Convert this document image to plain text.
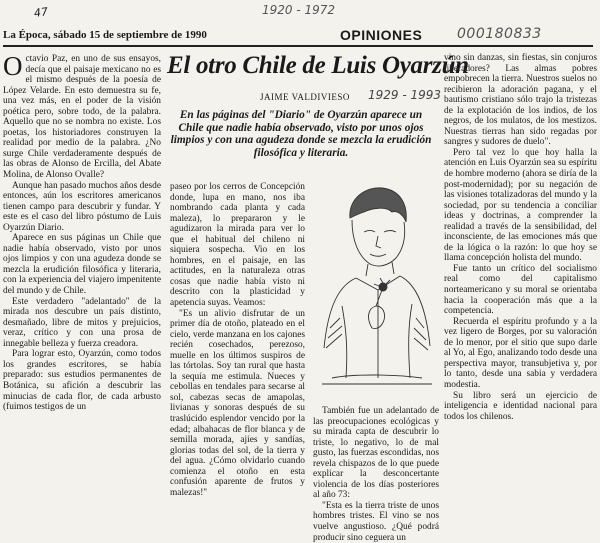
47	1920 - 1972
000180833
La Época, sábado 15 de septiembre de 1990	OPINIONES
El otro Chile de Luis Oyarzún
JAIME VALDIVIESO 1929 - 1993
En las páginas del "Diario" de Oyarzún aparece un Chile que nadie había observado, visto por unos ojos limpios y con una agudeza donde se mezcla la erudición filosófica y literaria.

Octavio Paz, en uno de sus ensayos, decía que el paisaje mexicano no es el mismo después de la poesía de López Velarde. En esto demuestra su fe, una vez más, en el poder de la visión poética pero, sobre todo, de la palabra. Aquello que no se nombra no existe. Los poetas, los historiadores construyen la realidad por medio de la palabra. ¿No surge Chile verdaderamente después de las obras de Alonso de Ercilla, del Abate Molina, de Alonso Ovalle?

Aunque han pasado muchos años desde entonces, aún los escritores americanos tienen campo para descubrir y fundar. Y este es el caso del libro póstumo de Luis Oyarzún Diario.

Aparece en sus páginas un Chile que nadie había observado, visto por unos ojos limpios y con una agudeza donde se mezcla la erudición filosófica y literaria, con la experiencia del viajero impenitente del mundo y de Chile.

Este verdadero "adelantado" de la mirada nos descubre un país distinto, desmañado, libre de mitos y prejuicios, veraz, crítico y con una prosa de innegable belleza y fuerza creadora.

Para lograr esto, Oyarzún, como todos los grandes escritores, se había preparado: sus estudios permanentes de Botánica, su afición a descubrir las minucias de cada flor, de cada arbusto (fuimos testigos de un

paseo por los cerros de Concepción donde, lupa en mano, nos iba nombrando cada planta y cada maleza), lo prepararon y le agudizaron la mirada para ver lo que el habitual del chileno ni siquiera sospecha. Vio en los hombres, en el paisaje, en las actitudes, en la naturaleza otras cosas que nadie había visto ni descrito con la plasticidad y apetencia suyas. Veamos:

"Es un alivio disfrutar de un primer día de otoño, plateado en el cielo, verde manzana en los cajones recién cosechados, perezoso, muelle en los últimos suspiros de las tórtolas. Soy tan rural que hasta la sequía me estimula. Nueces y cebollas en tendales para secarse al sol, cabezas secas de amapolas, livianas y sonoras después de su traslúcido esplendor vencido por la edad; albahacas de flor blanca y de semilla morada, ajíes y sandías, glorias todas del sol, de la tierra y del agua. ¿Cómo olvidarlo cuando comienza el otoño en esta confusión aparente de frutos y malezas!"

También fue un adelantado de las preocupaciones ecológicas y su mirada capta de descubrir lo triste, lo negativo, lo de mal gusto, las fuerzas escondidas, nos revela chispazos de lo que puede explicar la desconcertante violencia de los días posteriores al año 73:

"Esta es la tierra triste de unos hombres tristes. El vino se nos vuelve angustioso. ¿Qué podrá producir sino ceguera un

vino sin danzas, sin fiestas, sin conjuros liberadores? Las almas pobres empobrecen la tierra. Nuestros suelos no recibieron la adoración pagana, y el bautismo cristiano sólo trajo la tristezas de la explotación de los indios, de los negros, de los mulatos, de los mestizos. Nuestras tierras han sido regadas por sangres y sudores de duelo".

Pero tal vez lo que hoy halla la atención en Luis Oyarzún sea su espíritu de hombre moderno (ahora se diría de la post-modernidad); por su negación de las visiones totalizadoras del mundo y la sociedad, por su tendencia a conciliar ideas y doctrinas, a comprender la realidad a través de la sensibilidad, del inconsciente, de las emociones más que de la lógica o la razón: lo que hoy se llama concepción holista del mundo.

Fue tanto un crítico del socialismo real como del capitalismo norteamericano y su moral se orientaba hacia la cooperación más que a la competencia.

Recuerda el espíritu profundo y a la vez ligero de Borges, por su valoración de lo menor, por el sitio que supo darle al Yo, al Ego, analizando todo desde una perspectiva mayor, transubjetiva y, por lo tanto, desde una sabia y verdadera modestia.

Su libro será un ejercicio de inteligencia e identidad nacional para todos los chilenos.
